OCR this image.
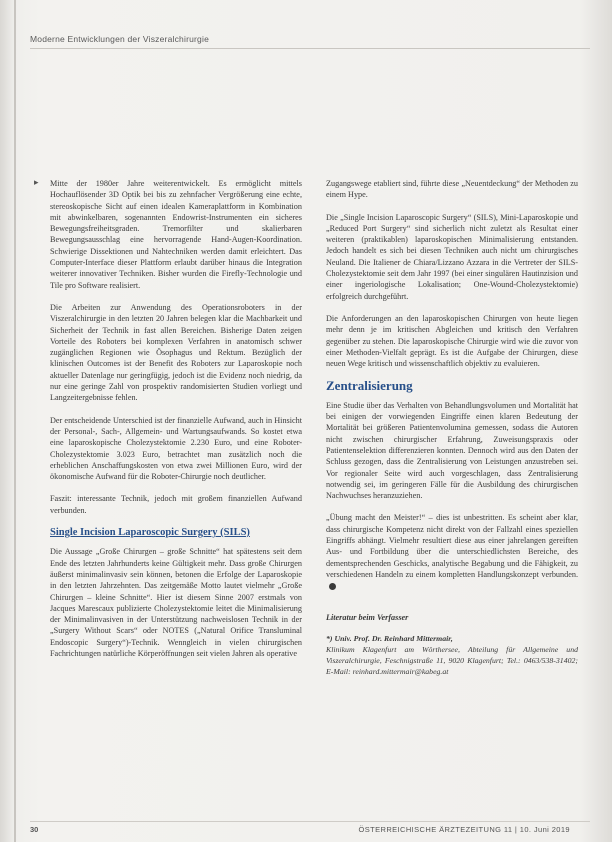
Moderne Entwicklungen der Viszeralchirurgie
▸ Mitte der 1980er Jahre weiterentwickelt. Es ermöglicht mittels Hochauflösender 3D Optik bei bis zu zehnfacher Vergrößerung eine echte, stereoskopische Sicht auf einen idealen Kameraplattform in Kombination mit abwinkelbaren, sogenannten Endowrist-Instrumenten ein sicheres Bewegungsfreiheitsgraden. Tremorfilter und skalierbaren Bewegungsausschlag eine hervorragende Hand-Augen-Koordination. Schwierige Dissektionen und Nahtechniken werden damit erleichtert. Das Computer-Interface dieser Plattform erlaubt darüber hinaus die Integration weiterer innovativer Techniken. Bisher wurden die Firefly-Technologie und Tile pro Software realisiert.

Die Arbeiten zur Anwendung des Operationsroboters in der Viszeralchirurgie in den letzten 20 Jahren belegen klar die Machbarkeit und Sicherheit der Technik in fast allen Bereichen. Bisherige Daten zeigen Vorteile des Roboters bei komplexen Verfahren in anatomisch schwer zugänglichen Regionen wie Ösophagus und Rektum. Bezüglich der klinischen Outcomes ist der Benefit des Roboters zur Laparoskopie noch aktueller Datenlage nur geringfügig, jedoch ist die Evidenz noch niedrig, da nur eine geringe Zahl von prospektiv randomisierten Studien vorliegt und Langzeitergebnisse fehlen.

Der entscheidende Unterschied ist der finanzielle Aufwand, auch in Hinsicht der Personal-, Sach-, Allgemein- und Wartungsaufwands. So kostet etwa eine laparoskopische Cholezystektomie 2.230 Euro, und eine Roboter-Cholezystektomie 3.023 Euro, betrachtet man zusätzlich noch die erheblichen Anschaffungskosten von etwa zwei Millionen Euro, wird der ökonomische Aufwand für die Roboter-Chirurgie noch deutlicher.

Faszit: interessante Technik, jedoch mit großem finanziellen Aufwand verbunden.

Single Incision Laparoscopic Surgery (SILS)

Die Aussage „Große Chirurgen – große Schnitte“ hat spätestens seit dem Ende des letzten Jahrhunderts keine Gültigkeit mehr. Dass große Chirurgen äußerst minimalinvasiv sein können, betonen die Erfolge der Laparoskopie in den letzten Jahrzehnten. Das zeitgemäße Motto lautet vielmehr „Große Chirurgen – kleine Schnitte“. Hier ist diesem Sinne 2007 erstmals von Jacques Marescaux publizierte Cholezystektomie leitet die Minimalisierung der Minimalinvasiven in der Unterstützung nachweislosen Technik in der „Surgery Without Scars“ oder NOTES („Natural Orifice Transluminal Endoscopic Surgery“)-Technik. Wenngleich in vielen chirurgischen Fachrichtungen natürliche Körperöffnungen seit vielen Jahren als operative

Zugangswege etabliert sind, führte diese „Neuentdeckung“ der Methoden zu einem Hype.

Die „Single Incision Laparoscopic Surgery“ (SILS), Mini-Laparoskopie und „Reduced Port Surgery“ sind sicherlich nicht zuletzt als Resultat einer weiteren (praktikablen) laparoskopischen Minimalisierung entstanden. Jedoch handelt es sich bei diesen Techniken auch nicht um chirurgisches Neuland. Die Italiener de Chiara/Lizzano Azzara in die Vertreter der SILS-Cholezystektomie seit dem Jahr 1997 (bei einer singulären Hautinzision und einer ingeriologische Lokalisation; One-Wound-Cholezystektomie) erfolgreich durchgeführt.

Die Anforderungen an den laparoskopischen Chirurgen von heute liegen mehr denn je im kritischen Abgleichen und kritisch den Verfahren gegenüber zu stehen. Die laparoskopische Chirurgie wird wie die zuvor von einer Methoden-Vielfalt geprägt. Es ist die Aufgabe der Chirurgen, diese neuen Wege kritisch und wissenschaftlich objektiv zu evaluieren.

Zentralisierung

Eine Studie über das Verhalten von Behandlungsvolumen und Mortalität hat bei einigen der vorwiegenden Eingriffe einen klaren Bedeutung der Mortalität bei größeren Patientenvolumina gemessen, sodass die Autoren nicht zwischen chirurgischer Erfahrung, Zuweisungspraxis oder Patientenselektion differenzieren konnten. Dennoch wird aus den Daten der Schluss gezogen, dass die Zentralisierung von Leistungen anzustreben sei. Vor regionaler Seite wird auch vorgeschlagen, dass Zentralisierung notwendig sei, im geringeren Fälle für die Ausbildung des chirurgischen Nachwuchses heranzuziehen.

„Übung macht den Meister!“ – dies ist unbestritten. Es scheint aber klar, dass chirurgische Kompetenz nicht direkt von der Fallzahl eines speziellen Eingriffs abhängt. Vielmehr resultiert diese aus einer jahrelangen gereiften Aus- und Fortbildung über die unterschiedlichsten Bereiche, des dementsprechenden Geschicks, analytische Begabung und die Fähigkeit, zu verschiedenen Handeln zu einem kompletten Handlungskonzept verbunden.

Literatur beim Verfasser
*) Univ. Prof. Dr. Reinhard Mittermair,
Klinikum Klagenfurt am Wörthersee, Abteilung für Allgemeine und Viszeralchirurgie, Feschnigstraße 11, 9020 Klagenfurt; Tel.: 0463/538-31402; E-Mail: reinhard.mittermair@kabeg.at
30	ÖSTERREICHISCHE ÄRZTEZEITUNG 11 | 10. Juni 2019
